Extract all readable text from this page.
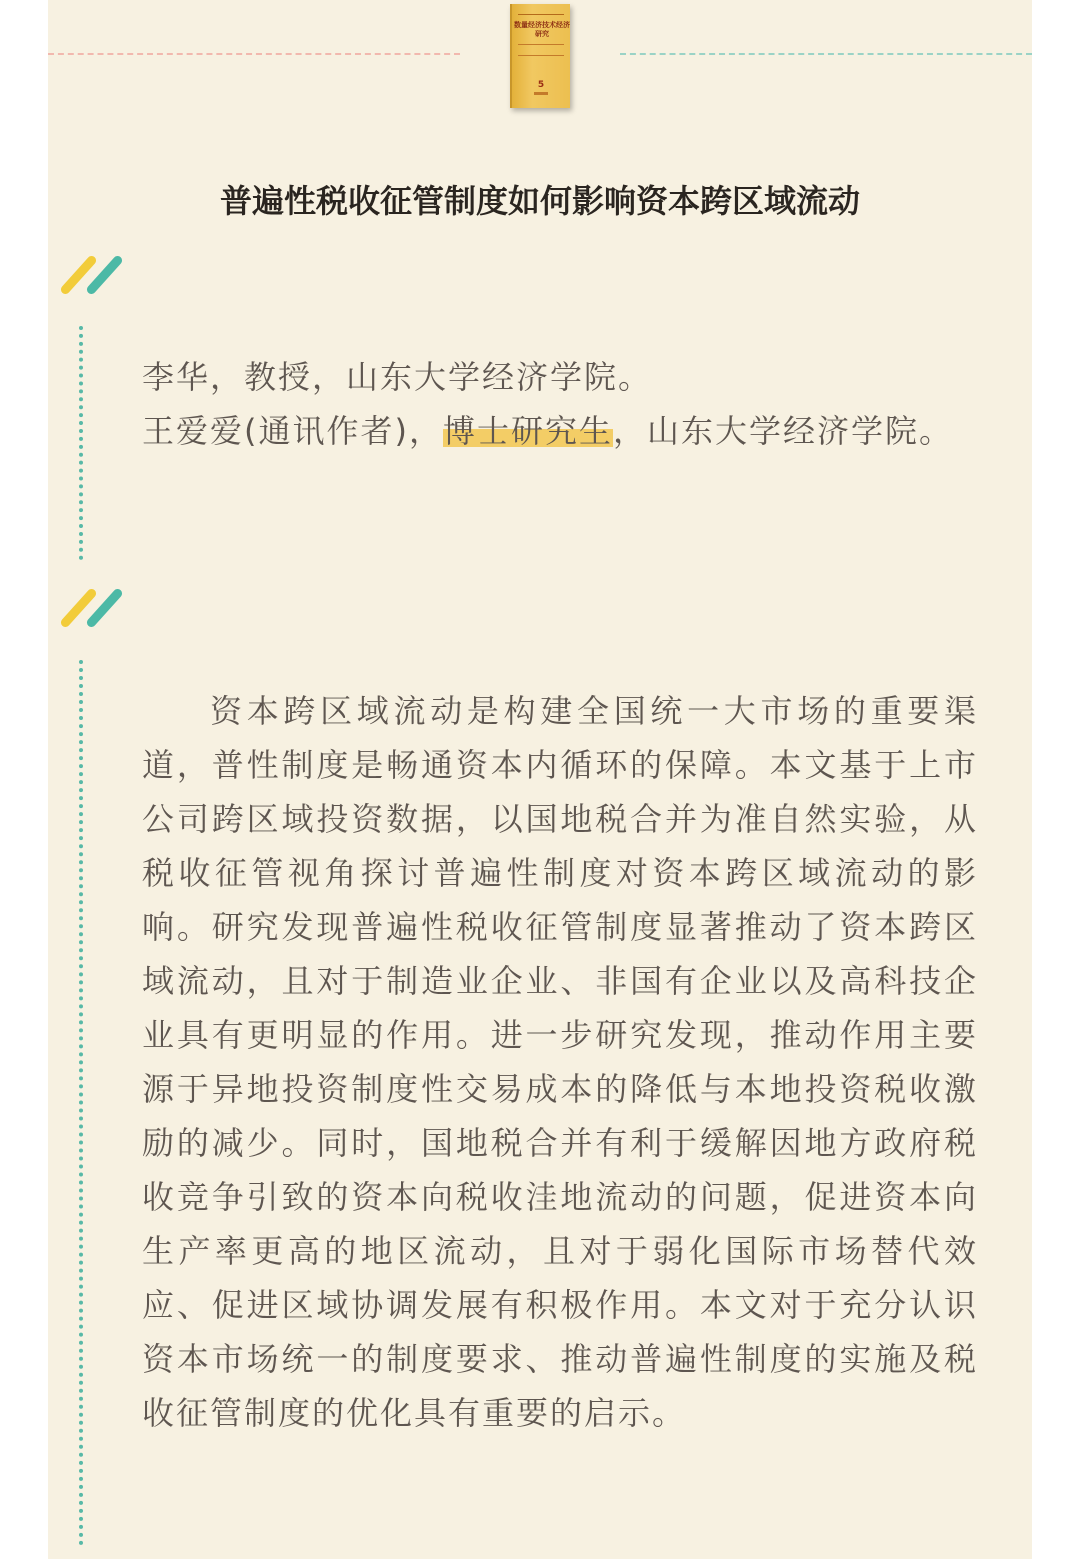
数量经济技术经济研究
5
普遍性税收征管制度如何影响资本跨区域流动

李华，教授，山东大学经济学院。

王爱爱(通讯作者)，博士研究生，山东大学经济学院。

资本跨区域流动是构建全国统一大市场的重要渠道，普性制度是畅通资本内循环的保障。本文基于上市公司跨区域投资数据，以国地税合并为准自然实验，从税收征管视角探讨普遍性制度对资本跨区域流动的影响。研究发现普遍性税收征管制度显著推动了资本跨区域流动，且对于制造业企业、非国有企业以及高科技企业具有更明显的作用。进一步研究发现，推动作用主要源于异地投资制度性交易成本的降低与本地投资税收激励的减少。同时，国地税合并有利于缓解因地方政府税收竞争引致的资本向税收洼地流动的问题，促进资本向生产率更高的地区流动，且对于弱化国际市场替代效应、促进区域协调发展有积极作用。本文对于充分认识资本市场统一的制度要求、推动普遍性制度的实施及税收征管制度的优化具有重要的启示。
